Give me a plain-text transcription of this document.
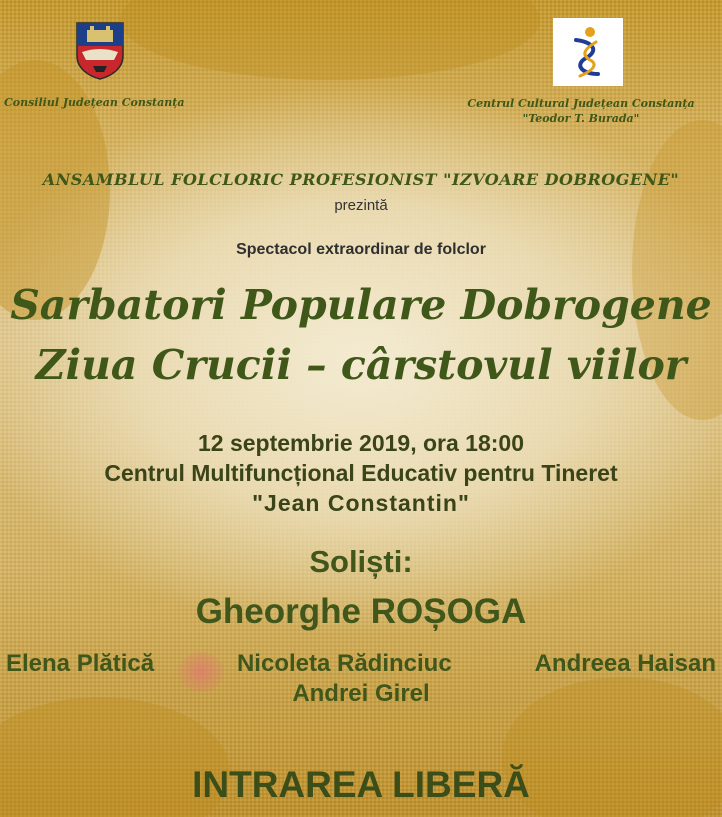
Consiliul Județean Constanța	Centrul Cultural Județean Constanța
"Teodor T. Burada"

ANSAMBLUL FOLCLORIC PROFESIONIST "IZVOARE DOBROGENE"

prezintă

Spectacol extraordinar de folclor

Sarbatori Populare Dobrogene

Ziua Crucii – cârstovul viilor

12 septembrie 2019, ora 18:00

Centrul Multifuncțional Educativ pentru Tineret

"Jean Constantin"

Soliști:

Gheorghe ROȘOGA

Elena Plătică	Nicoleta Rădinciuc	Andreea Haisan

Andrei Girel

INTRAREA LIBERĂ
